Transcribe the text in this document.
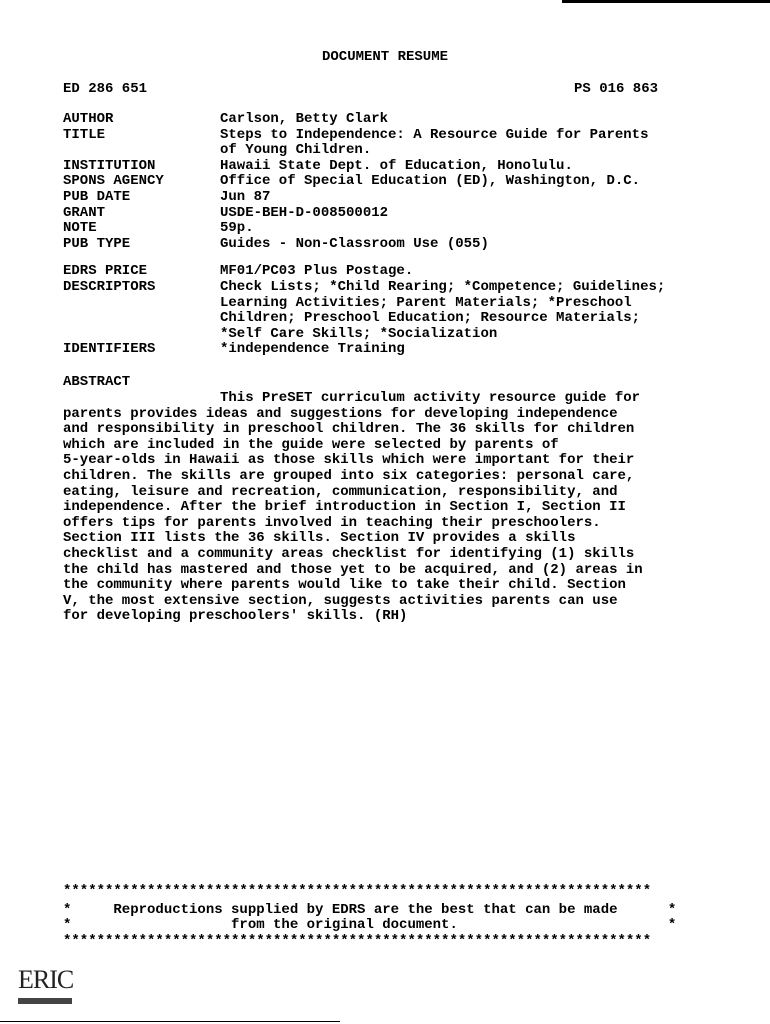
DOCUMENT RESUME
ED 286 651	PS 016 863
AUTHOR	Carlson, Betty Clark
TITLE	Steps to Independence: A Resource Guide for Parents
of Young Children.
INSTITUTION	Hawaii State Dept. of Education, Honolulu.
SPONS AGENCY	Office of Special Education (ED), Washington, D.C.
PUB DATE	Jun 87
GRANT	USDE-BEH-D-008500012
NOTE	59p.
PUB TYPE	Guides - Non-Classroom Use (055)
EDRS PRICE	MF01/PC03 Plus Postage.
DESCRIPTORS	Check Lists; *Child Rearing; *Competence; Guidelines;
Learning Activities; Parent Materials; *Preschool
Children; Preschool Education; Resource Materials;
*Self Care Skills; *Socialization
IDENTIFIERS	*independence Training
ABSTRACT
This PreSET curriculum activity resource guide for
parents provides ideas and suggestions for developing independence
and responsibility in preschool children. The 36 skills for children
which are included in the guide were selected by parents of
5-year-olds in Hawaii as those skills which were important for their
children. The skills are grouped into six categories: personal care,
eating, leisure and recreation, communication, responsibility, and
independence. After the brief introduction in Section I, Section II
offers tips for parents involved in teaching their preschoolers.
Section III lists the 36 skills. Section IV provides a skills
checklist and a community areas checklist for identifying (1) skills
the child has mastered and those yet to be acquired, and (2) areas in
the community where parents would like to take their child. Section
V, the most extensive section, suggests activities parents can use
for developing preschoolers' skills. (RH)
**********************************************************************
*     Reproductions supplied by EDRS are the best that can be made      *
*                   from the original document.                         *
**********************************************************************
ERIC
